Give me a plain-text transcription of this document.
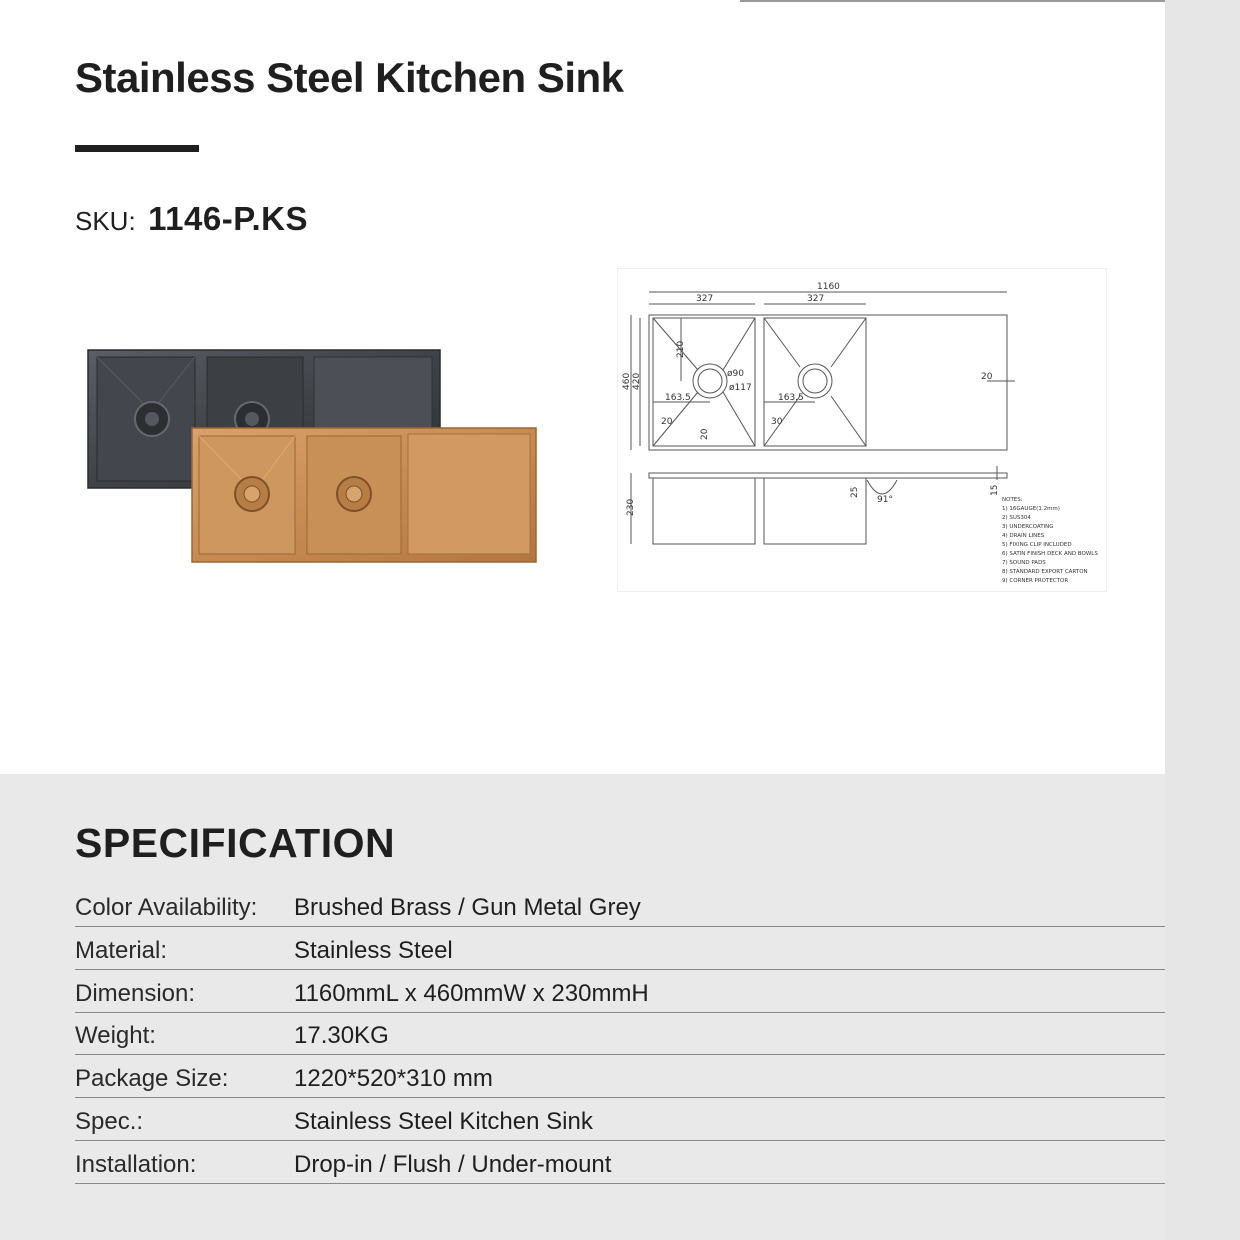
Stainless Steel Kitchen Sink
SKU: 1146-P.KS
1160
327	327
460 420
210
ø90
ø117
163.5	163.5
20
20
30
20
230
25
91°
15
NOTES:
1) 16GAUGE(1.2mm)
2) SUS304
3) UNDERCOATING
4) DRAIN LINES
5) FIXING CLIP INCLUDED
6) SATIN FINISH DECK AND BOWLS
7) SOUND PADS
8) STANDARD EXPORT CARTON
9) CORNER PROTECTOR
SPECIFICATION
Color Availability: Brushed Brass / Gun Metal Grey
Material:	Stainless Steel
Dimension:	1160mmL x 460mmW x 230mmH
Weight:	17.30KG
Package Size:	1220*520*310 mm
Spec.:	Stainless Steel Kitchen Sink
Installation:	Drop-in / Flush / Under-mount
